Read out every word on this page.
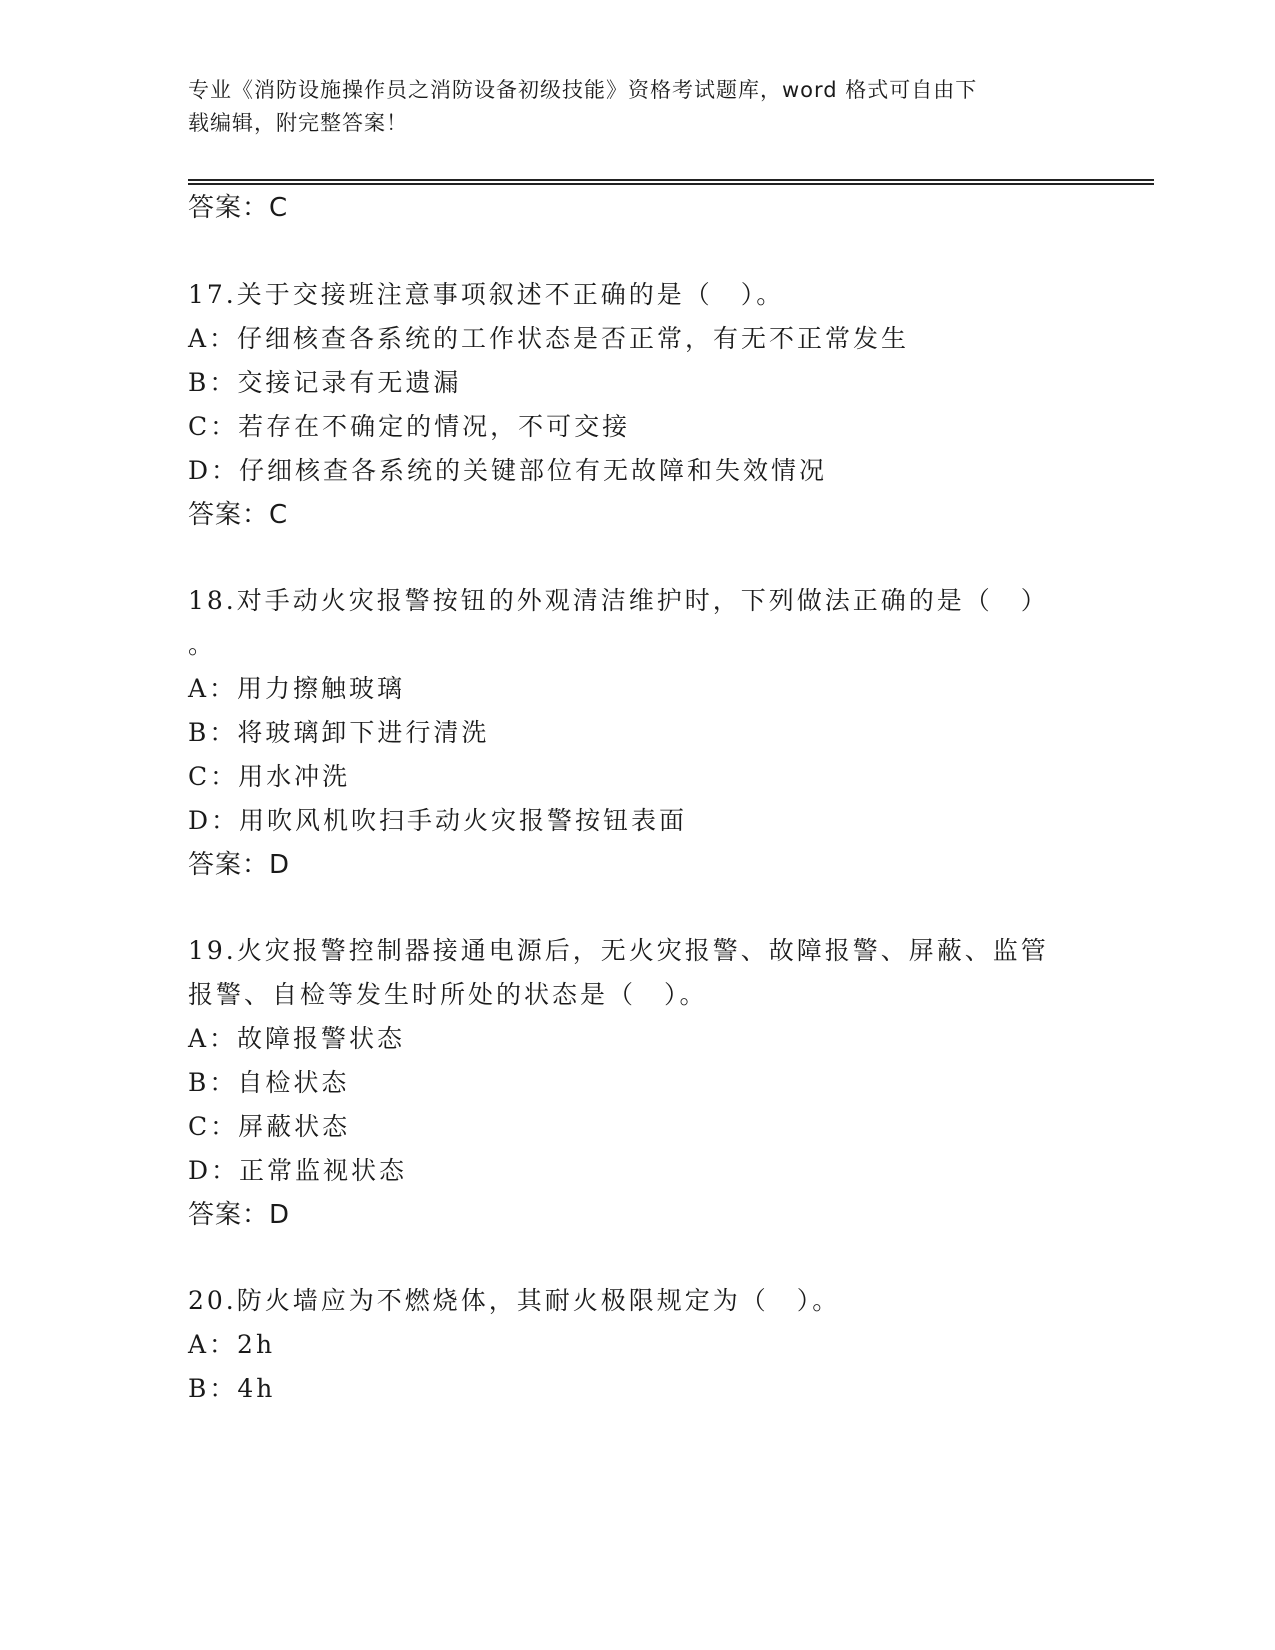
专业《消防设施操作员之消防设备初级技能》资格考试题库，word 格式可自由下
载编辑，附完整答案！
答案：C
17.关于交接班注意事项叙述不正确的是（　）。
A：仔细核查各系统的工作状态是否正常，有无不正常发生
B：交接记录有无遗漏
C：若存在不确定的情况，不可交接
D：仔细核查各系统的关键部位有无故障和失效情况
答案：C
18.对手动火灾报警按钮的外观清洁维护时，下列做法正确的是（　）
。
A：用力擦触玻璃
B：将玻璃卸下进行清洗
C：用水冲洗
D：用吹风机吹扫手动火灾报警按钮表面
答案：D
19.火灾报警控制器接通电源后，无火灾报警、故障报警、屏蔽、监管
报警、自检等发生时所处的状态是（　）。
A：故障报警状态
B：自检状态
C：屏蔽状态
D：正常监视状态
答案：D
20.防火墙应为不燃烧体，其耐火极限规定为（　）。
A：2h
B：4h
